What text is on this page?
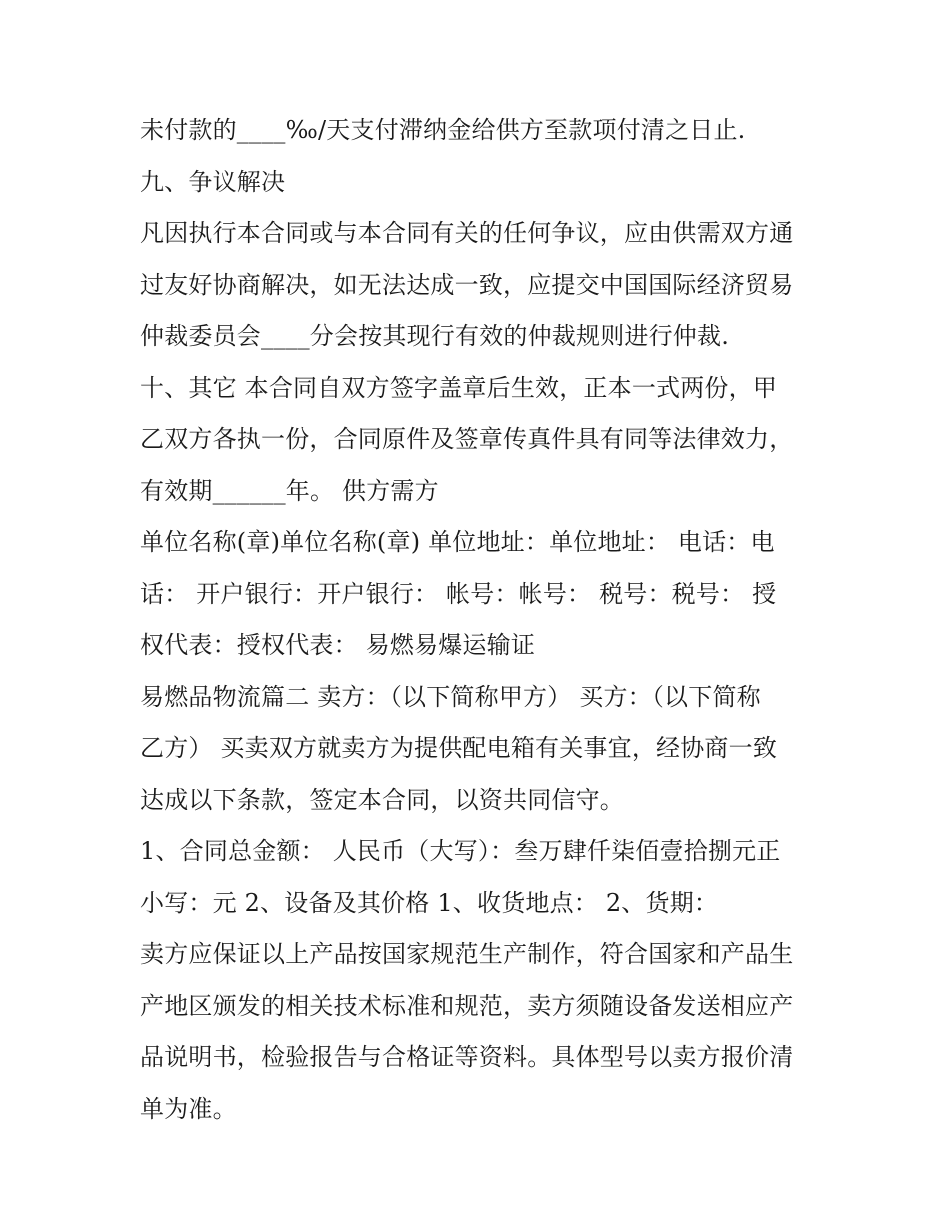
未付款的____‰/天支付滞纳金给供方至款项付清之日止.
九、争议解决
凡因执行本合同或与本合同有关的任何争议，应由供需双方通
过友好协商解决，如无法达成一致，应提交中国国际经济贸易
仲裁委员会____分会按其现行有效的仲裁规则进行仲裁.
十、其它 本合同自双方签字盖章后生效，正本一式两份，甲
乙双方各执一份，合同原件及签章传真件具有同等法律效力，
有效期______年。 供方需方
单位名称(章)单位名称(章) 单位地址：单位地址： 电话：电
话： 开户银行：开户银行： 帐号：帐号： 税号：税号： 授
权代表：授权代表： 易燃易爆运输证
易燃品物流篇二 卖方：（以下简称甲方） 买方：（以下简称
乙方） 买卖双方就卖方为提供配电箱有关事宜，经协商一致
达成以下条款，签定本合同，以资共同信守。
1、合同总金额： 人民币（大写）：叁万肆仟柒佰壹拾捌元正
小写：元 2、设备及其价格 1、收货地点： 2、货期：
卖方应保证以上产品按国家规范生产制作，符合国家和产品生
产地区颁发的相关技术标准和规范，卖方须随设备发送相应产
品说明书，检验报告与合格证等资料。具体型号以卖方报价清
单为准。
